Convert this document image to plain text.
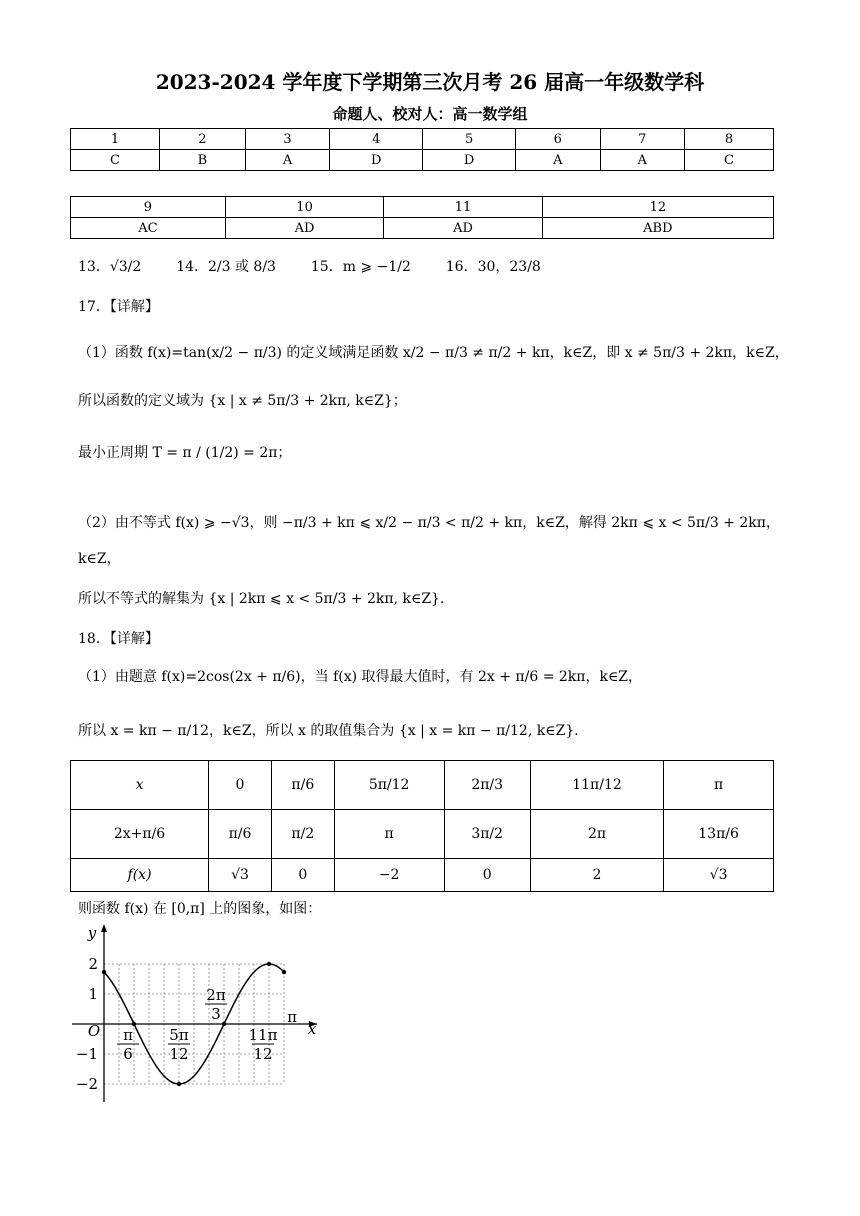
2023-2024 学年度下学期第三次月考 26 届高一年级数学科
命题人、校对人：高一数学组
1	2	3	4	5	6	7	8
C	B	A	D	D	A	A	C
9	10	11	12
AC	AD	AD	ABD
13．√3/2 14．2/3 或 8/3 15．m ⩾ −1/2 16．30，23/8
17．【详解】
（1）函数 f(x)=tan(x/2 − π/3) 的定义域满足函数 x/2 − π/3 ≠ π/2 + kπ，k∈Z，即 x ≠ 5π/3 + 2kπ，k∈Z，
所以函数的定义域为 {x | x ≠ 5π/3 + 2kπ, k∈Z}；
最小正周期 T = π / (1/2) = 2π；
（2）由不等式 f(x) ⩾ −√3，则 −π/3 + kπ ⩽ x/2 − π/3 < π/2 + kπ，k∈Z，解得 2kπ ⩽ x < 5π/3 + 2kπ，
k∈Z，
所以不等式的解集为 {x | 2kπ ⩽ x < 5π/3 + 2kπ, k∈Z}．
18．【详解】
（1）由题意 f(x)=2cos(2x + π/6)，当 f(x) 取得最大值时，有 2x + π/6 = 2kπ，k∈Z，
所以 x = kπ − π/12，k∈Z，所以 x 的取值集合为 {x | x = kπ − π/12, k∈Z}．
x	0	π/6	5π/12	2π/3	11π/12	π
2x+π/6	π/6	π/2	π	3π/2	2π	13π/6
f(x)	√3	0	−2	0	2	√3
则函数 f(x) 在 [0,π] 上的图象，如图：
2
1
−1
−2
O	x
y
π
6
5π
12
2π
3
11π
12
π
